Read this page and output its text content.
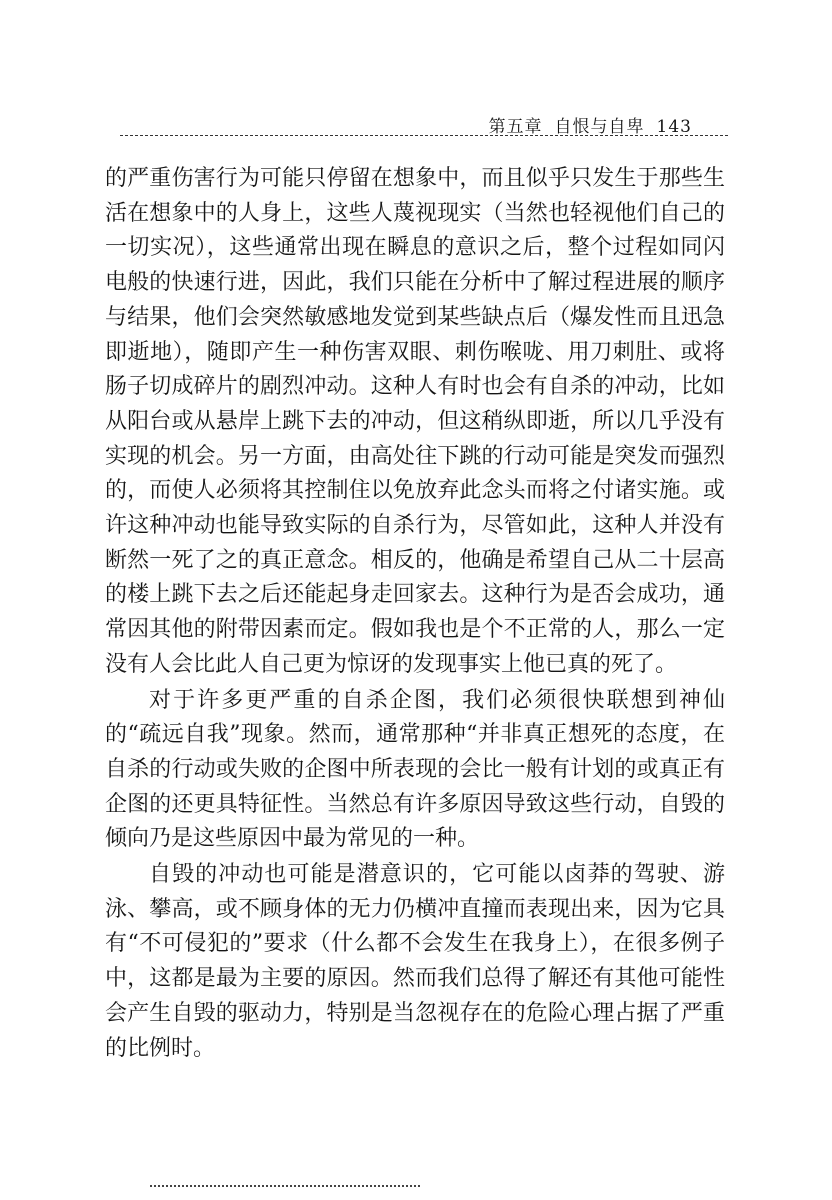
第五章 自恨与自卑 143

的严重伤害行为可能只停留在想象中，而且似乎只发生于那些生活在想象中的人身上，这些人蔑视现实（当然也轻视他们自己的一切实况），这些通常出现在瞬息的意识之后，整个过程如同闪电般的快速行进，因此，我们只能在分析中了解过程进展的顺序与结果，他们会突然敏感地发觉到某些缺点后（爆发性而且迅急即逝地），随即产生一种伤害双眼、刺伤喉咙、用刀刺肚、或将肠子切成碎片的剧烈冲动。这种人有时也会有自杀的冲动，比如从阳台或从悬岸上跳下去的冲动，但这稍纵即逝，所以几乎没有实现的机会。另一方面，由高处往下跳的行动可能是突发而强烈的，而使人必须将其控制住以免放弃此念头而将之付诸实施。或许这种冲动也能导致实际的自杀行为，尽管如此，这种人并没有断然一死了之的真正意念。相反的，他确是希望自己从二十层高的楼上跳下去之后还能起身走回家去。这种行为是否会成功，通常因其他的附带因素而定。假如我也是个不正常的人，那么一定没有人会比此人自己更为惊讶的发现事实上他已真的死了。

对于许多更严重的自杀企图，我们必须很快联想到神仙的“疏远自我”现象。然而，通常那种“并非真正想死的态度，在自杀的行动或失败的企图中所表现的会比一般有计划的或真正有企图的还更具特征性。当然总有许多原因导致这些行动，自毁的倾向乃是这些原因中最为常见的一种。

自毁的冲动也可能是潜意识的，它可能以卤莽的驾驶、游泳、攀高，或不顾身体的无力仍横冲直撞而表现出来，因为它具有“不可侵犯的”要求（什么都不会发生在我身上），在很多例子中，这都是最为主要的原因。然而我们总得了解还有其他可能性会产生自毁的驱动力，特别是当忽视存在的危险心理占据了严重的比例时。
